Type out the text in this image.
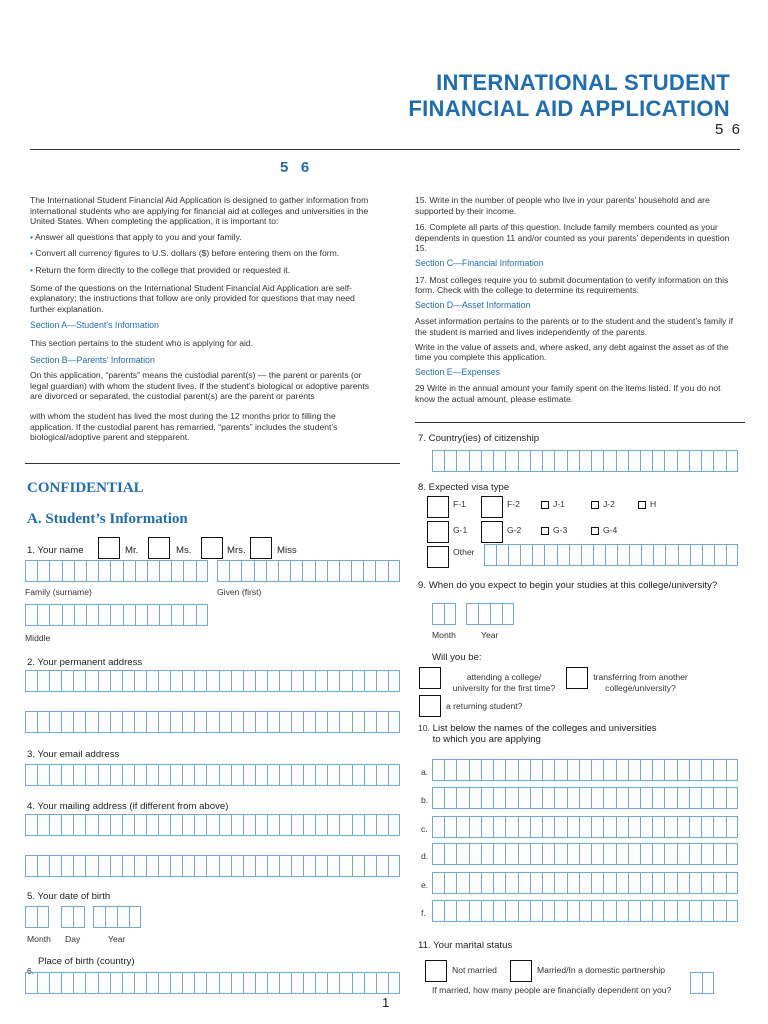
INTERNATIONAL STUDENT
FINANCIAL AID APPLICATION
5  6
5   6
The International Student Financial Aid Application is designed to gather information from international students who are applying for financial aid at colleges and universities in the United States. When completing the application, it is important to:
• Answer all questions that apply to you and your family.
• Convert all currency figures to U.S. dollars ($) before entering them on the form.
• Return the form directly to the college that provided or requested it.
Some of the questions on the International Student Financial Aid Application are self-explanatory; the instructions that follow are only provided for questions that may need further explanation.
Section A—Student’s Information
This section pertains to the student who is applying for aid.
Section B—Parents’ Information
On this application, “parents” means the custodial parent(s) — the parent or parents (or legal guardian) with whom the student lives. If the student’s biological or adoptive parents are divorced or separated, the custodial parent(s) are the parent or parents
with whom the student has lived the most during the 12 months prior to filling the application. If the custodial parent has remarried, “parents” includes the student’s biological/adoptive parent and stepparent.
15. Write in the number of people who live in your parents’ household and are supported by their income.
16. Complete all parts of this question. Include family members counted as your dependents in question 11 and/or counted as your parents’ dependents in question 15.
Section C—Financial Information
17. Most colleges require you to submit documentation to verify information on this form. Check with the college to determine its requirements.
Section D—Asset Information
Asset information pertains to the parents or to the student and the student’s family if the student is married and lives independently of the parents.
Write in the value of assets and, where asked, any debt against the asset as of the time you complete this application.
Section E—Expenses
29 Write in the annual amount your family spent on the items listed. If you do not know the actual amount, please estimate.
CONFIDENTIAL
A. Student’s Information
1. Your name	Mr.	Ms.	Mrs.	Miss
Family (surname)	Given (first)
Middle
2. Your permanent address
3. Your email address
4. Your mailing address (if different from above)
5. Your date of birth
Month Day	Year
6.
Place of birth (country)
7. Country(ies) of citizenship
8. Expected visa type
F-1	F-2	J-1	J-2	H
G-1	G-2	G-3	G-4
Other
9. When do you expect to begin your studies at this college/university?
Month	Year
Will you be:
attending a college/
university for the first time?
transferring from another
college/university?
a returning student?
10. List below the names of the colleges and universities
to which you are applying
a.
b.
c.
d.
e.
f.
11. Your marital status
Not married	Married/In a domestic partnership
If married, how many people are financially dependent on you?
1
